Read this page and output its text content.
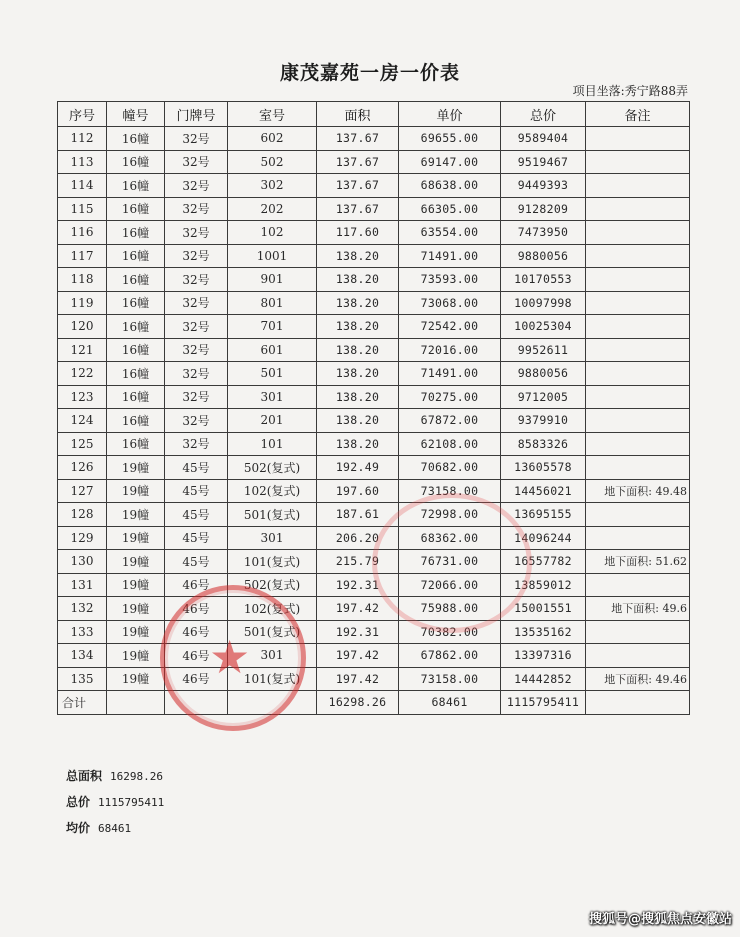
康茂嘉苑一房一价表
项目坐落:秀宁路88弄
序号	幢号	门牌号	室号	面积	单价	总价	备注
112	16幢	32号	602	137.67	69655.00	9589404	
113	16幢	32号	502	137.67	69147.00	9519467	
114	16幢	32号	302	137.67	68638.00	9449393	
115	16幢	32号	202	137.67	66305.00	9128209	
116	16幢	32号	102	117.60	63554.00	7473950	
117	16幢	32号	1001	138.20	71491.00	9880056	
118	16幢	32号	901	138.20	73593.00	10170553	
119	16幢	32号	801	138.20	73068.00	10097998	
120	16幢	32号	701	138.20	72542.00	10025304	
121	16幢	32号	601	138.20	72016.00	9952611	
122	16幢	32号	501	138.20	71491.00	9880056	
123	16幢	32号	301	138.20	70275.00	9712005	
124	16幢	32号	201	138.20	67872.00	9379910	
125	16幢	32号	101	138.20	62108.00	8583326	
126	19幢	45号	502(复式)	192.49	70682.00	13605578	
127	19幢	45号	102(复式)	197.60	73158.00	14456021	地下面积: 49.48
128	19幢	45号	501(复式)	187.61	72998.00	13695155	
129	19幢	45号	301	206.20	68362.00	14096244	
130	19幢	45号	101(复式)	215.79	76731.00	16557782	地下面积: 51.62
131	19幢	46号	502(复式)	192.31	72066.00	13859012	
132	19幢	46号	102(复式)	197.42	75988.00	15001551	地下面积: 49.6
133	19幢	46号	501(复式)	192.31	70382.00	13535162	
134	19幢	46号	301	197.42	67862.00	13397316	
135	19幢	46号	101(复式)	197.42	73158.00	14442852	地下面积: 49.46
合计				16298.26	68461	1115795411	
★
总面积 16298.26
总价 1115795411
均价 68461
搜狐号@搜狐焦点安徽站
